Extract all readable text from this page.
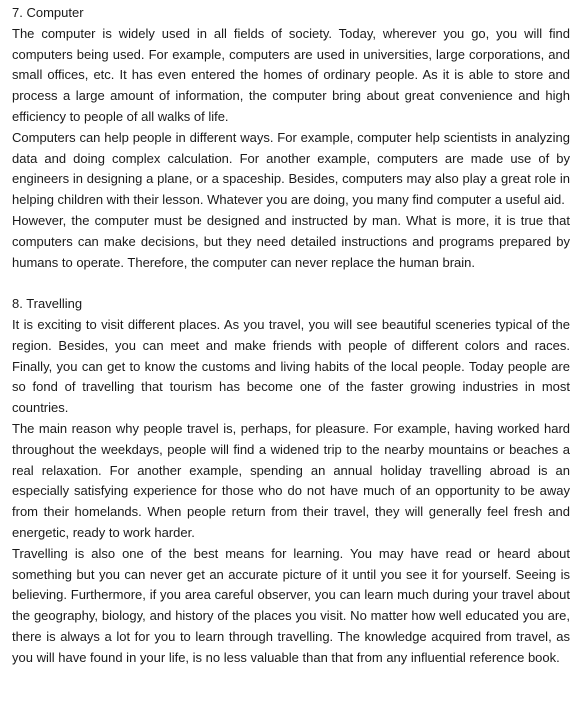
7. Computer

The computer is widely used in all fields of society. Today, wherever you go, you will find computers being used. For example, computers are used in universities, large corporations, and small offices, etc. It has even entered the homes of ordinary people. As it is able to store and process a large amount of information, the computer bring about great convenience and high efficiency to people of all walks of life.

Computers can help people in different ways. For example, computer help scientists in analyzing data and doing complex calculation. For another example, computers are made use of by engineers in designing a plane, or a spaceship. Besides, computers may also play a great role in helping children with their lesson. Whatever you are doing, you many find computer a useful aid.

However, the computer must be designed and instructed by man. What is more, it is true that computers can make decisions, but they need detailed instructions and programs prepared by humans to operate. Therefore, the computer can never replace the human brain.

8. Travelling

It is exciting to visit different places. As you travel, you will see beautiful sceneries typical of the region. Besides, you can meet and make friends with people of different colors and races. Finally, you can get to know the customs and living habits of the local people. Today people are so fond of travelling that tourism has become one of the faster growing industries in most countries.

The main reason why people travel is, perhaps, for pleasure. For example, having worked hard throughout the weekdays, people will find a widened trip to the nearby mountains or beaches a real relaxation. For another example, spending an annual holiday travelling abroad is an especially satisfying experience for those who do not have much of an opportunity to be away from their homelands. When people return from their travel, they will generally feel fresh and energetic, ready to work harder.

Travelling is also one of the best means for learning. You may have read or heard about something but you can never get an accurate picture of it until you see it for yourself. Seeing is believing. Furthermore, if you area careful observer, you can learn much during your travel about the geography, biology, and history of the places you visit. No matter how well educated you are, there is always a lot for you to learn through travelling. The knowledge acquired from travel, as you will have found in your life, is no less valuable than that from any influential reference book.
